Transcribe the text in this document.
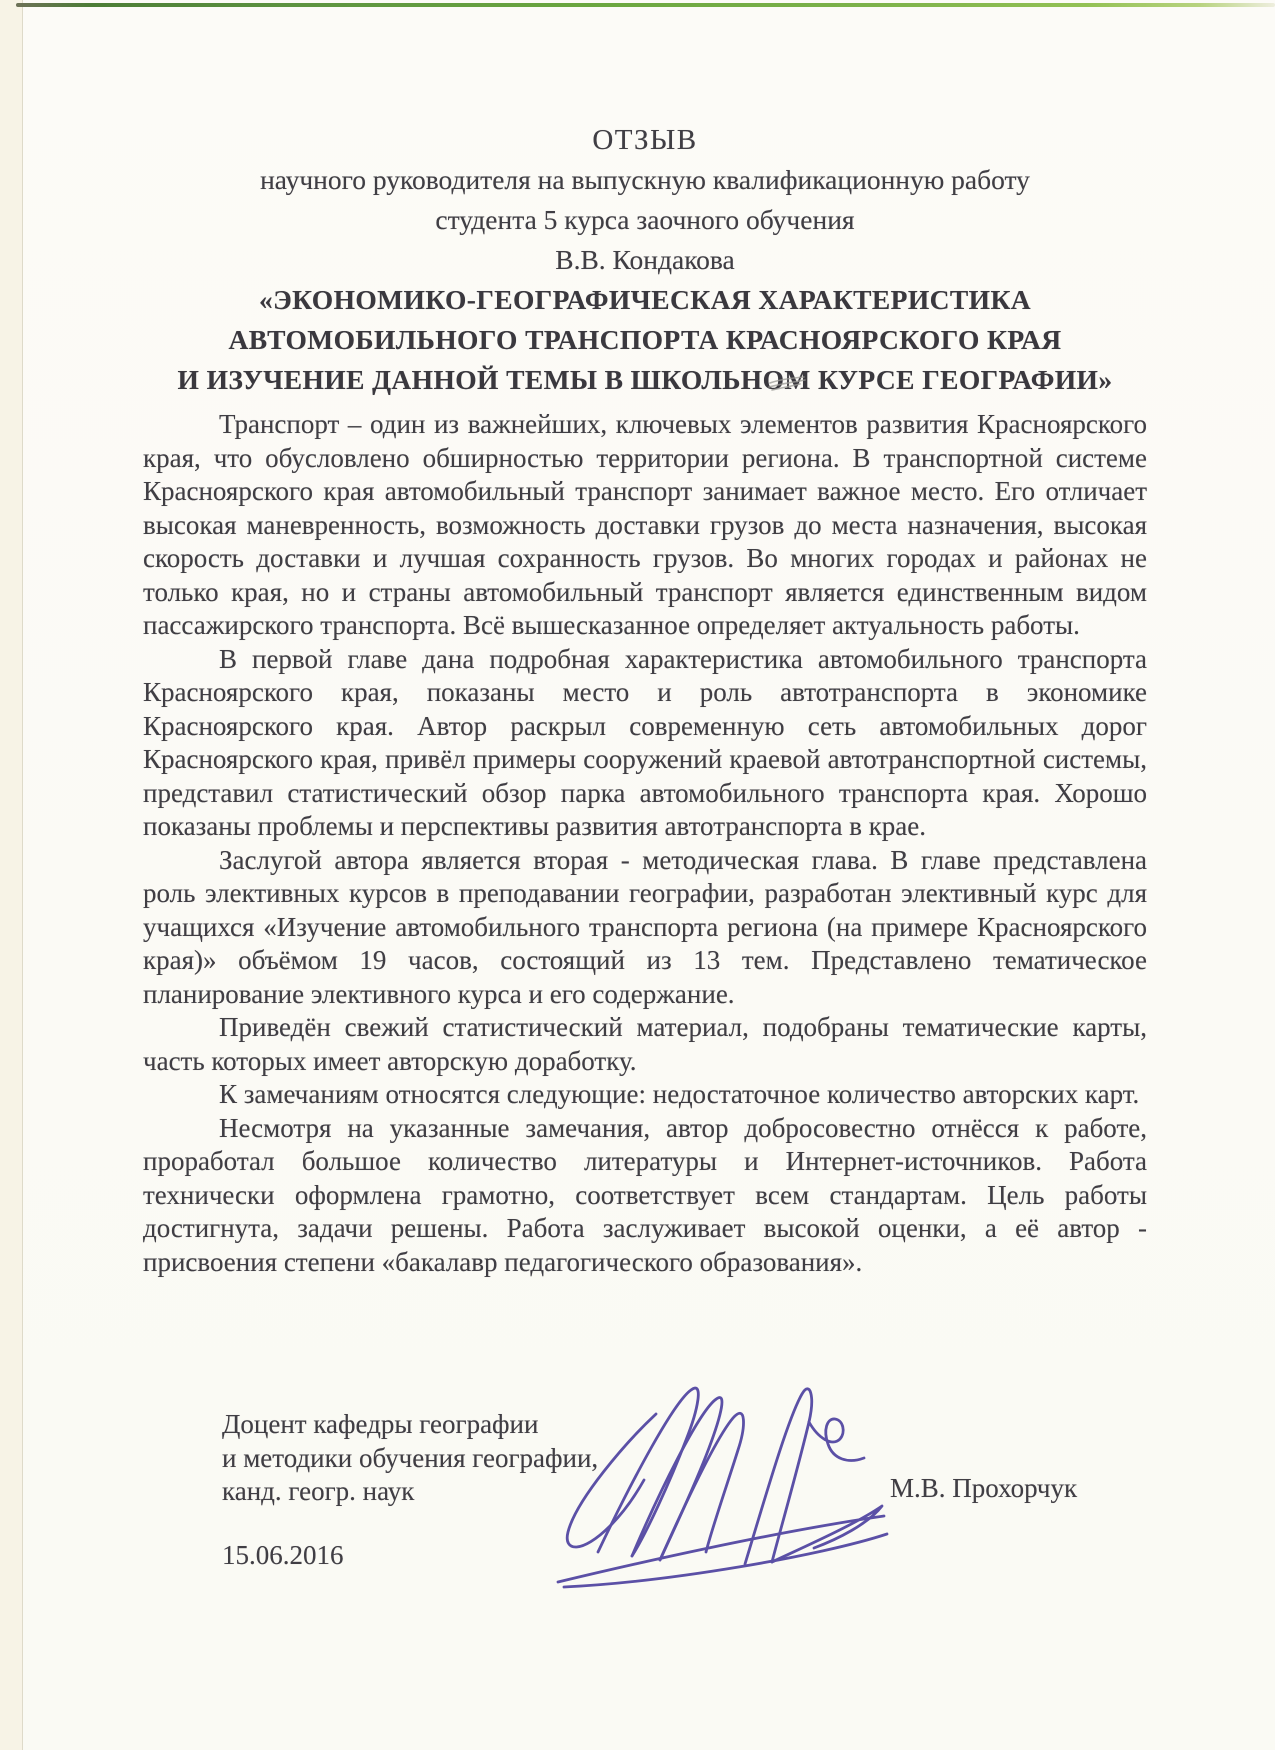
ОТЗЫВ
научного руководителя на выпускную квалификационную работу
студента 5 курса заочного обучения
В.В. Кондакова
«ЭКОНОМИКО-ГЕОГРАФИЧЕСКАЯ ХАРАКТЕРИСТИКА
АВТОМОБИЛЬНОГО ТРАНСПОРТА КРАСНОЯРСКОГО КРАЯ
И ИЗУЧЕНИЕ ДАННОЙ ТЕМЫ В ШКОЛЬНОМ КУРСЕ ГЕОГРАФИИ»

Транспорт – один из важнейших, ключевых элементов развития Красноярского края, что обусловлено обширностью территории региона. В транспортной системе Красноярского края автомобильный транспорт занимает важное место. Его отличает высокая маневренность, возможность доставки грузов до места назначения, высокая скорость доставки и лучшая сохранность грузов. Во многих городах и районах не только края, но и страны автомобильный транспорт является единственным видом пассажирского транспорта. Всё вышесказанное определяет актуальность работы.

В первой главе дана подробная характеристика автомобильного транспорта Красноярского края, показаны место и роль автотранспорта в экономике Красноярского края. Автор раскрыл современную сеть автомобильных дорог Красноярского края, привёл примеры сооружений краевой автотранспортной системы, представил статистический обзор парка автомобильного транспорта края. Хорошо показаны проблемы и перспективы развития автотранспорта в крае.

Заслугой автора является вторая - методическая глава. В главе представлена роль элективных курсов в преподавании географии, разработан элективный курс для учащихся «Изучение автомобильного транспорта региона (на примере Красноярского края)» объёмом 19 часов, состоящий из 13 тем. Представлено тематическое планирование элективного курса и его содержание.

Приведён свежий статистический материал, подобраны тематические карты, часть которых имеет авторскую доработку.

К замечаниям относятся следующие: недостаточное количество авторских карт.

Несмотря на указанные замечания, автор добросовестно отнёсся к работе, проработал большое количество литературы и Интернет-источников. Работа технически оформлена грамотно, соответствует всем стандартам. Цель работы достигнута, задачи решены. Работа заслуживает высокой оценки, а её автор - присвоения степени «бакалавр педагогического образования».

Доцент кафедры географии
и методики обучения географии,
канд. геогр. наук	М.В. Прохорчук
15.06.2016
